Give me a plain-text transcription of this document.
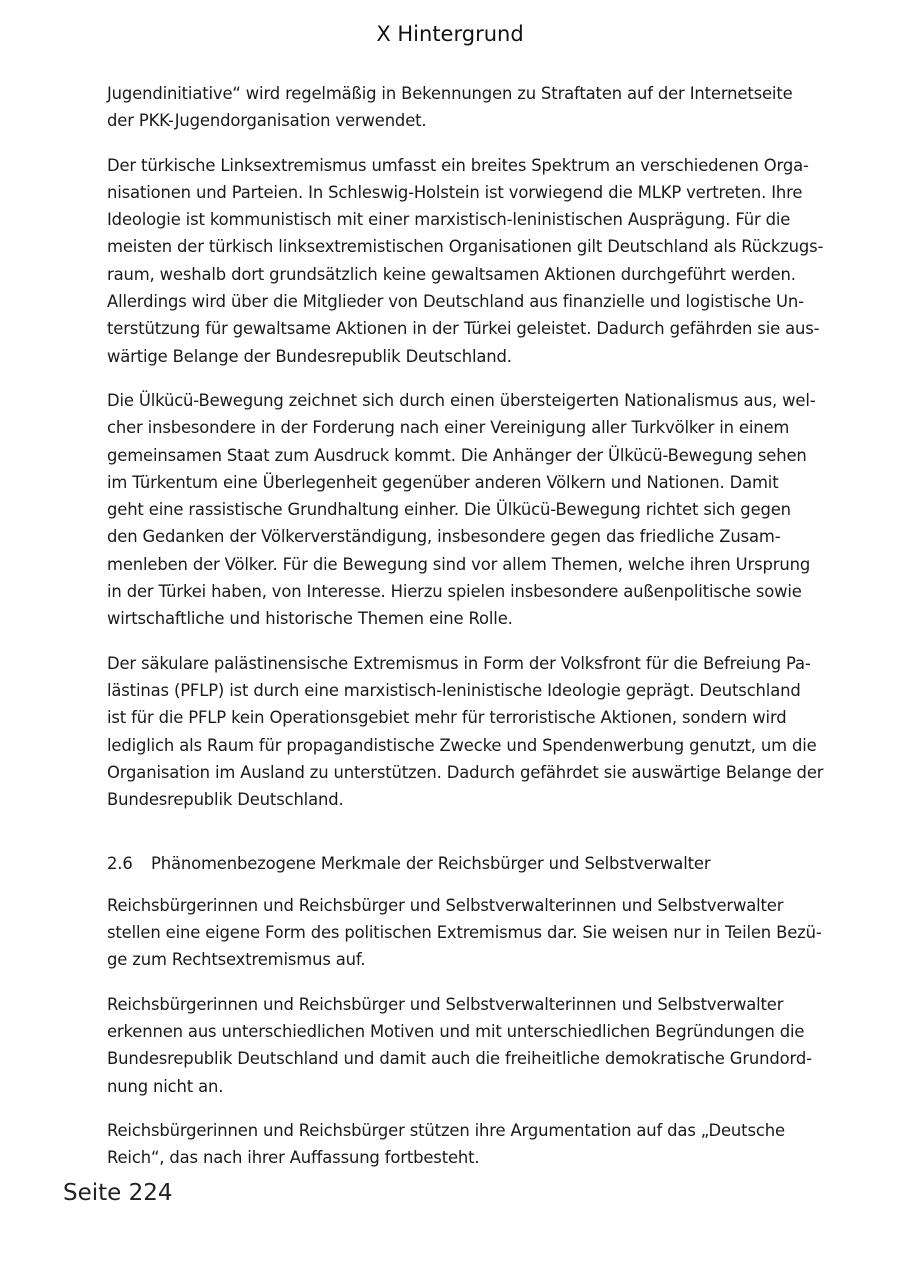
X Hintergrund

Jugendinitiative“ wird regelmäßig in Bekennungen zu Straftaten auf der Internetseite
der PKK-Jugendorganisation verwendet.

Der türkische Linksextremismus umfasst ein breites Spektrum an verschiedenen Orga-
nisationen und Parteien. In Schleswig-Holstein ist vorwiegend die MLKP vertreten. Ihre
Ideologie ist kommunistisch mit einer marxistisch-leninistischen Ausprägung. Für die
meisten der türkisch linksextremistischen Organisationen gilt Deutschland als Rückzugs-
raum, weshalb dort grundsätzlich keine gewaltsamen Aktionen durchgeführt werden.
Allerdings wird über die Mitglieder von Deutschland aus finanzielle und logistische Un-
terstützung für gewaltsame Aktionen in der Türkei geleistet. Dadurch gefährden sie aus-
wärtige Belange der Bundesrepublik Deutschland.

Die Ülkücü-Bewegung zeichnet sich durch einen übersteigerten Nationalismus aus, wel-
cher insbesondere in der Forderung nach einer Vereinigung aller Turkvölker in einem
gemeinsamen Staat zum Ausdruck kommt. Die Anhänger der Ülkücü-Bewegung sehen
im Türkentum eine Überlegenheit gegenüber anderen Völkern und Nationen. Damit
geht eine rassistische Grundhaltung einher. Die Ülkücü-Bewegung richtet sich gegen
den Gedanken der Völkerverständigung, insbesondere gegen das friedliche Zusam-
menleben der Völker. Für die Bewegung sind vor allem Themen, welche ihren Ursprung
in der Türkei haben, von Interesse. Hierzu spielen insbesondere außenpolitische sowie
wirtschaftliche und historische Themen eine Rolle.

Der säkulare palästinensische Extremismus in Form der Volksfront für die Befreiung Pa-
lästinas (PFLP) ist durch eine marxistisch-leninistische Ideologie geprägt. Deutschland
ist für die PFLP kein Operationsgebiet mehr für terroristische Aktionen, sondern wird
lediglich als Raum für propagandistische Zwecke und Spendenwerbung genutzt, um die
Organisation im Ausland zu unterstützen. Dadurch gefährdet sie auswärtige Belange der
Bundesrepublik Deutschland.

2.6 Phänomenbezogene Merkmale der Reichsbürger und Selbstverwalter

Reichsbürgerinnen und Reichsbürger und Selbstverwalterinnen und Selbstverwalter
stellen eine eigene Form des politischen Extremismus dar. Sie weisen nur in Teilen Bezü-
ge zum Rechtsextremismus auf.

Reichsbürgerinnen und Reichsbürger und Selbstverwalterinnen und Selbstverwalter
erkennen aus unterschiedlichen Motiven und mit unterschiedlichen Begründungen die
Bundesrepublik Deutschland und damit auch die freiheitliche demokratische Grundord-
nung nicht an.

Reichsbürgerinnen und Reichsbürger stützen ihre Argumentation auf das „Deutsche
Reich“, das nach ihrer Auffassung fortbesteht.

Seite 224
